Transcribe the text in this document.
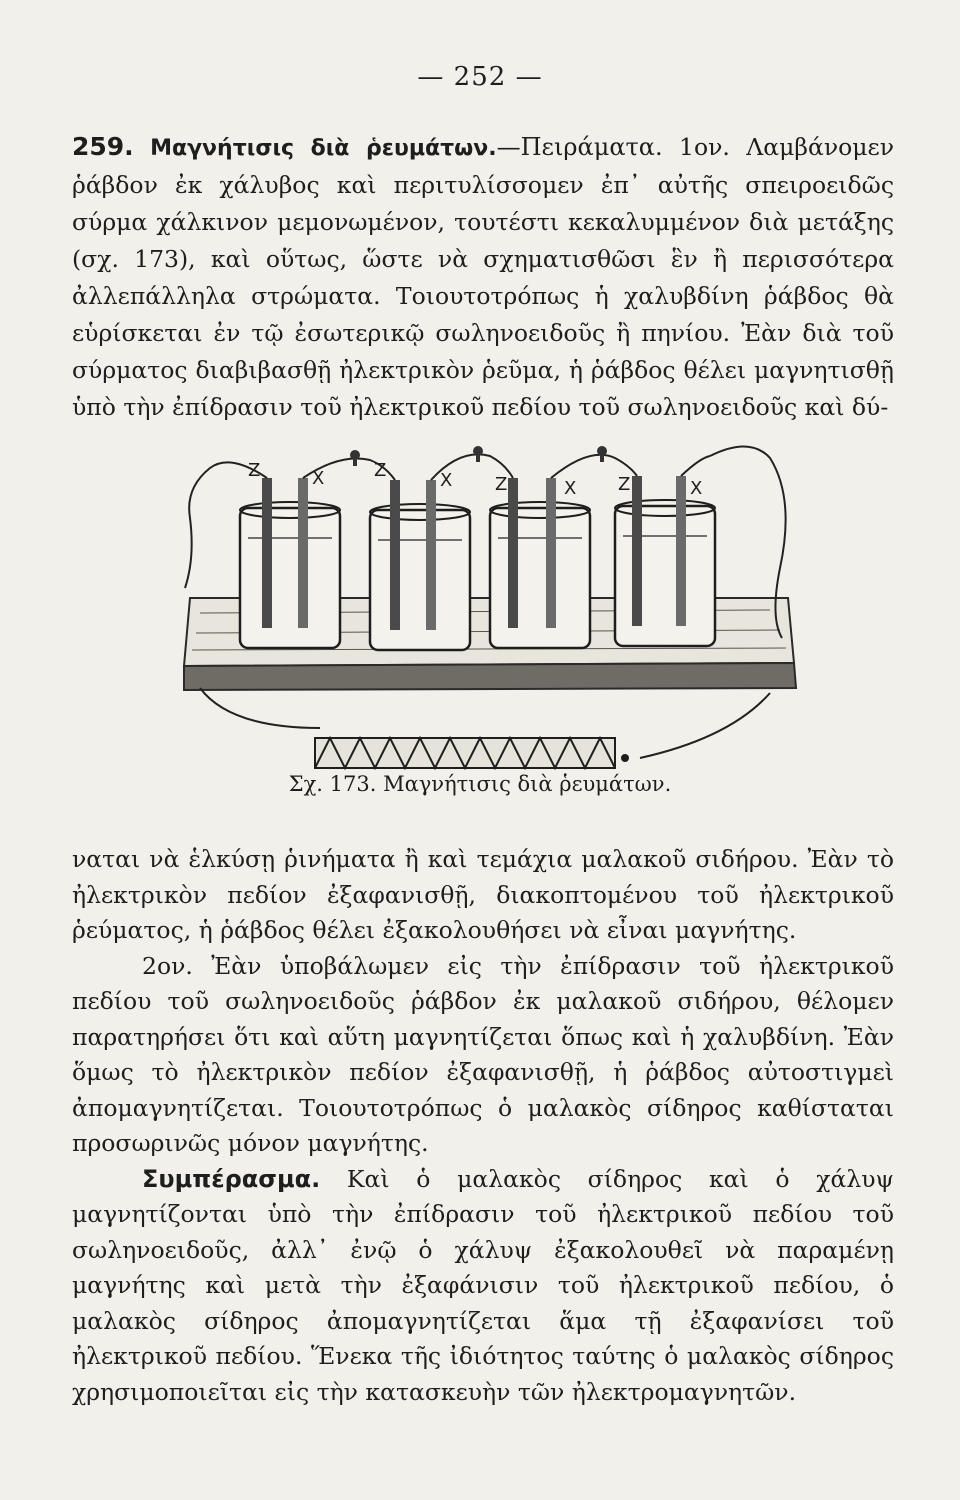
— 252 —

259. Μαγνήτισις διὰ ῥευμάτων.—Πειράματα. 1ον. Λαμβάνομεν ῥάβδον ἐκ χάλυβος καὶ περιτυλίσσομεν ἐπ᾿ αὐτῆς σπειροειδῶς σύρμα χάλκινον μεμονωμένον, τουτέστι κεκαλυμμένον διὰ μετάξης (σχ. 173), καὶ οὕτως, ὥστε νὰ σχηματισθῶσι ἓν ἢ περισσότερα ἀλλεπάλληλα στρώματα. Τοιουτοτρόπως ἡ χαλυβδίνη ῥάβδος θὰ εὑρίσκεται ἐν τῷ ἐσωτερικῷ σωληνοειδοῦς ἢ πηνίου. Ἐὰν διὰ τοῦ σύρματος διαβιβασθῇ ἠλεκτρικὸν ῥεῦμα, ἡ ῥάβδος θέλει μαγνητισθῇ ὑπὸ τὴν ἐπίδρασιν τοῦ ἠλεκτρικοῦ πεδίου τοῦ σωληνοειδοῦς καὶ δύ-

Z	X	Z	X Z	X Z	X
Σχ. 173. Μαγνήτισις διὰ ῥευμάτων.

ναται νὰ ἑλκύσῃ ῥινήματα ἢ καὶ τεμάχια μαλακοῦ σιδήρου. Ἐὰν τὸ ἠλεκτρικὸν πεδίον ἐξαφανισθῇ, διακοπτομένου τοῦ ἠλεκτρικοῦ ῥεύματος, ἡ ῥάβδος θέλει ἐξακολουθήσει νὰ εἶναι μαγνήτης.

2ον. Ἐὰν ὑποβάλωμεν εἰς τὴν ἐπίδρασιν τοῦ ἠλεκτρικοῦ πεδίου τοῦ σωληνοειδοῦς ῥάβδον ἐκ μαλακοῦ σιδήρου, θέλομεν παρατηρήσει ὅτι καὶ αὕτη μαγνητίζεται ὅπως καὶ ἡ χαλυβδίνη. Ἐὰν ὅμως τὸ ἠλεκτρικὸν πεδίον ἐξαφανισθῇ, ἡ ῥάβδος αὐτοστιγμεὶ ἀπομαγνητίζεται. Τοιουτοτρόπως ὁ μαλακὸς σίδηρος καθίσταται προσωρινῶς μόνον μαγνήτης.

Συμπέρασμα. Καὶ ὁ μαλακὸς σίδηρος καὶ ὁ χάλυψ μαγνητίζονται ὑπὸ τὴν ἐπίδρασιν τοῦ ἠλεκτρικοῦ πεδίου τοῦ σωληνοειδοῦς, ἀλλ᾿ ἐνῷ ὁ χάλυψ ἐξακολουθεῖ νὰ παραμένῃ μαγνήτης καὶ μετὰ τὴν ἐξαφάνισιν τοῦ ἠλεκτρικοῦ πεδίου, ὁ μαλακὸς σίδηρος ἀπομαγνητίζεται ἅμα τῇ ἐξαφανίσει τοῦ ἠλεκτρικοῦ πεδίου. Ἕνεκα τῆς ἰδιότητος ταύτης ὁ μαλακὸς σίδηρος χρησιμοποιεῖται εἰς τὴν κατασκευὴν τῶν ἠλεκτρομαγνητῶν.
